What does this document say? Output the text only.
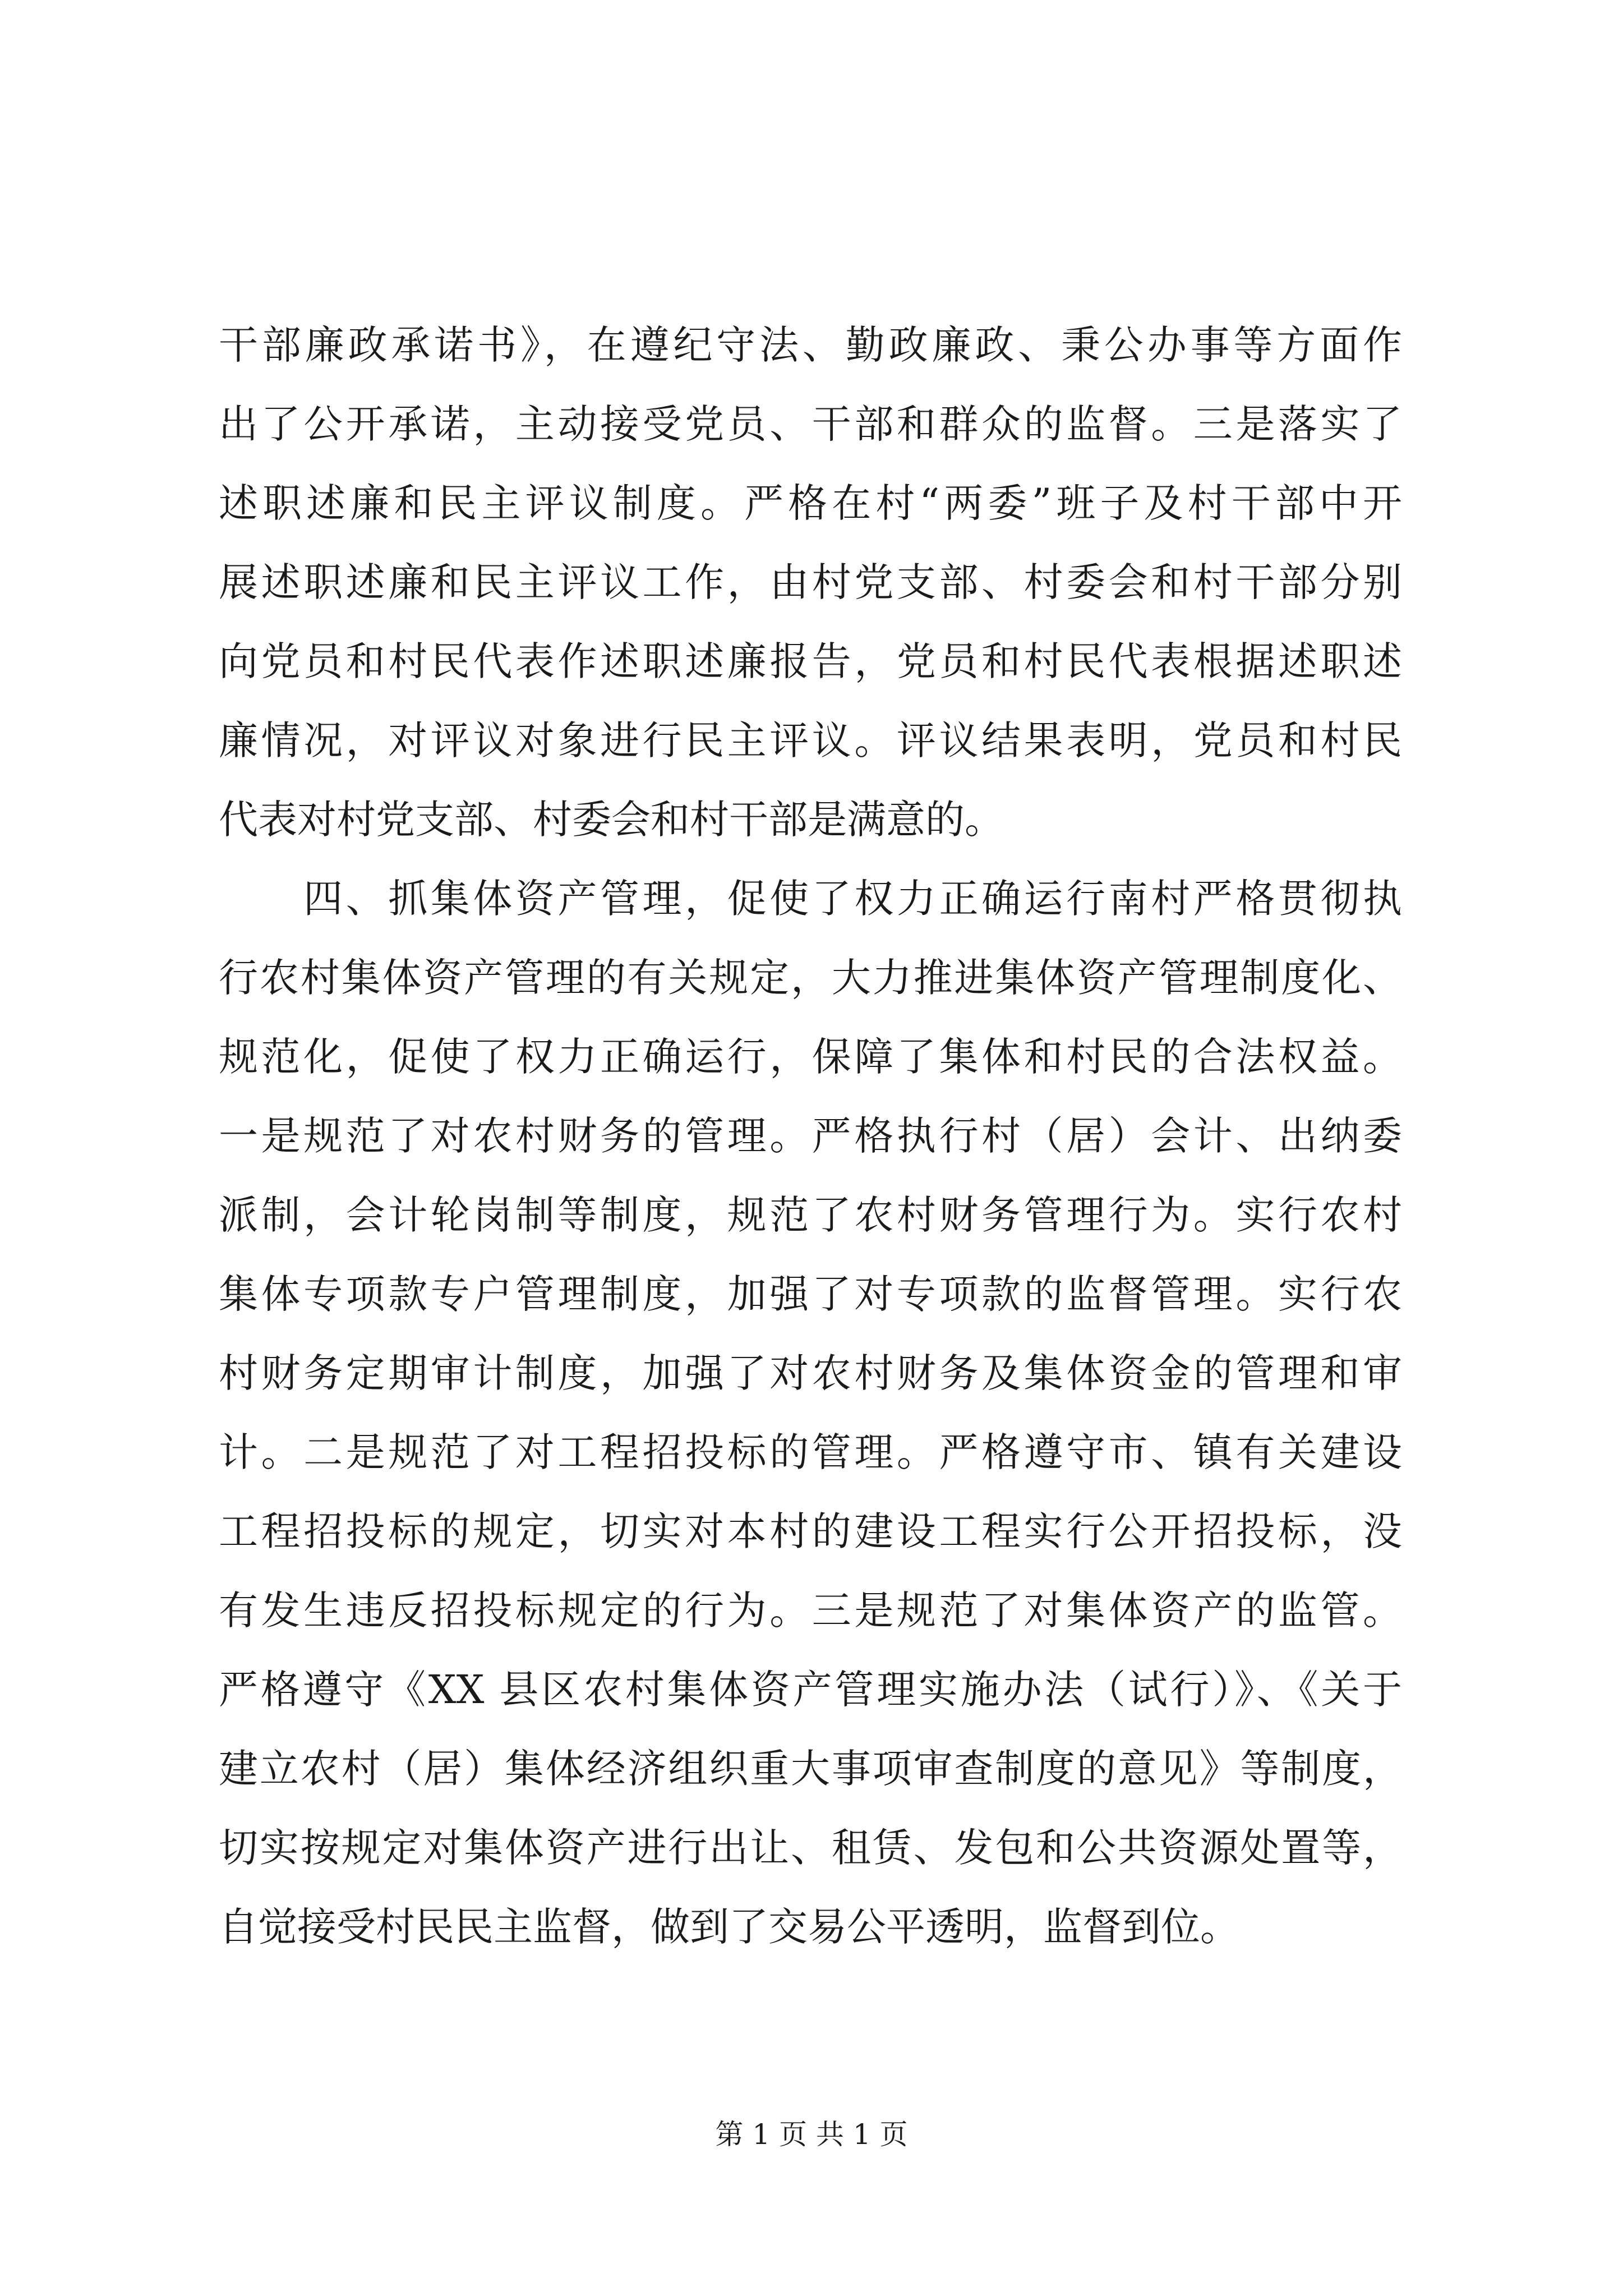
干部廉政承诺书》，在遵纪守法、勤政廉政、秉公办事等方面作
出了公开承诺，主动接受党员、干部和群众的监督。三是落实了
述职述廉和民主评议制度。严格在村“两委”班子及村干部中开
展述职述廉和民主评议工作，由村党支部、村委会和村干部分别
向党员和村民代表作述职述廉报告，党员和村民代表根据述职述
廉情况，对评议对象进行民主评议。评议结果表明，党员和村民
代表对村党支部、村委会和村干部是满意的。
　　四、抓集体资产管理，促使了权力正确运行南村严格贯彻执
行农村集体资产管理的有关规定，大力推进集体资产管理制度化、
规范化，促使了权力正确运行，保障了集体和村民的合法权益。
一是规范了对农村财务的管理。严格执行村（居）会计、出纳委
派制，会计轮岗制等制度，规范了农村财务管理行为。实行农村
集体专项款专户管理制度，加强了对专项款的监督管理。实行农
村财务定期审计制度，加强了对农村财务及集体资金的管理和审
计。二是规范了对工程招投标的管理。严格遵守市、镇有关建设
工程招投标的规定，切实对本村的建设工程实行公开招投标，没
有发生违反招投标规定的行为。三是规范了对集体资产的监管。
严格遵守《XX 县区农村集体资产管理实施办法（试行）》、《关于
建立农村（居）集体经济组织重大事项审查制度的意见》等制度，
切实按规定对集体资产进行出让、租赁、发包和公共资源处置等，
自觉接受村民民主监督，做到了交易公平透明，监督到位。
第 1 页 共 1 页
